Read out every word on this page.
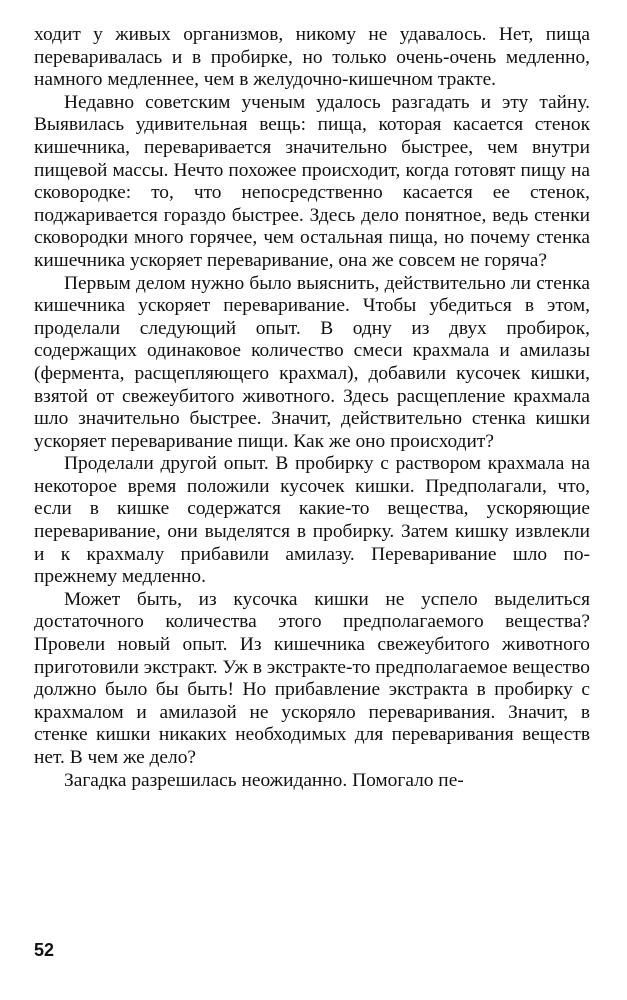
ходит у живых организмов, никому не удавалось. Нет, пища переваривалась и в пробирке, но только очень-очень медленно, намного медленнее, чем в желудочно-кишечном тракте.

Недавно советским ученым удалось разгадать и эту тайну. Выявилась удивительная вещь: пища, которая касается стенок кишечника, переваривается значительно быстрее, чем внутри пищевой массы. Нечто похожее происходит, когда готовят пищу на сковородке: то, что непосредственно касается ее стенок, поджаривается гораздо быстрее. Здесь дело понятное, ведь стенки сковородки много горячее, чем остальная пища, но почему стенка кишечника ускоряет переваривание, она же совсем не горяча?

Первым делом нужно было выяснить, действительно ли стенка кишечника ускоряет переваривание. Чтобы убедиться в этом, проделали следующий опыт. В одну из двух пробирок, содержащих одинаковое количество смеси крахмала и амилазы (фермента, расщепляющего крахмал), добавили кусочек кишки, взятой от свежеубитого животного. Здесь расщепление крахмала шло значительно быстрее. Значит, действительно стенка кишки ускоряет переваривание пищи. Как же оно происходит?

Проделали другой опыт. В пробирку с раствором крахмала на некоторое время положили кусочек кишки. Предполагали, что, если в кишке содержатся какие-то вещества, ускоряющие переваривание, они выделятся в пробирку. Затем кишку извлекли и к крахмалу прибавили амилазу. Переваривание шло по-прежнему медленно.

Может быть, из кусочка кишки не успело выделиться достаточного количества этого предполагаемого вещества? Провели новый опыт. Из кишечника свежеубитого животного приготовили экстракт. Уж в экстракте-то предполагаемое вещество должно было бы быть! Но прибавление экстракта в пробирку с крахмалом и амилазой не ускоряло переваривания. Значит, в стенке кишки никаких необходимых для переваривания веществ нет. В чем же дело?

Загадка разрешилась неожиданно. Помогало пе-

52
